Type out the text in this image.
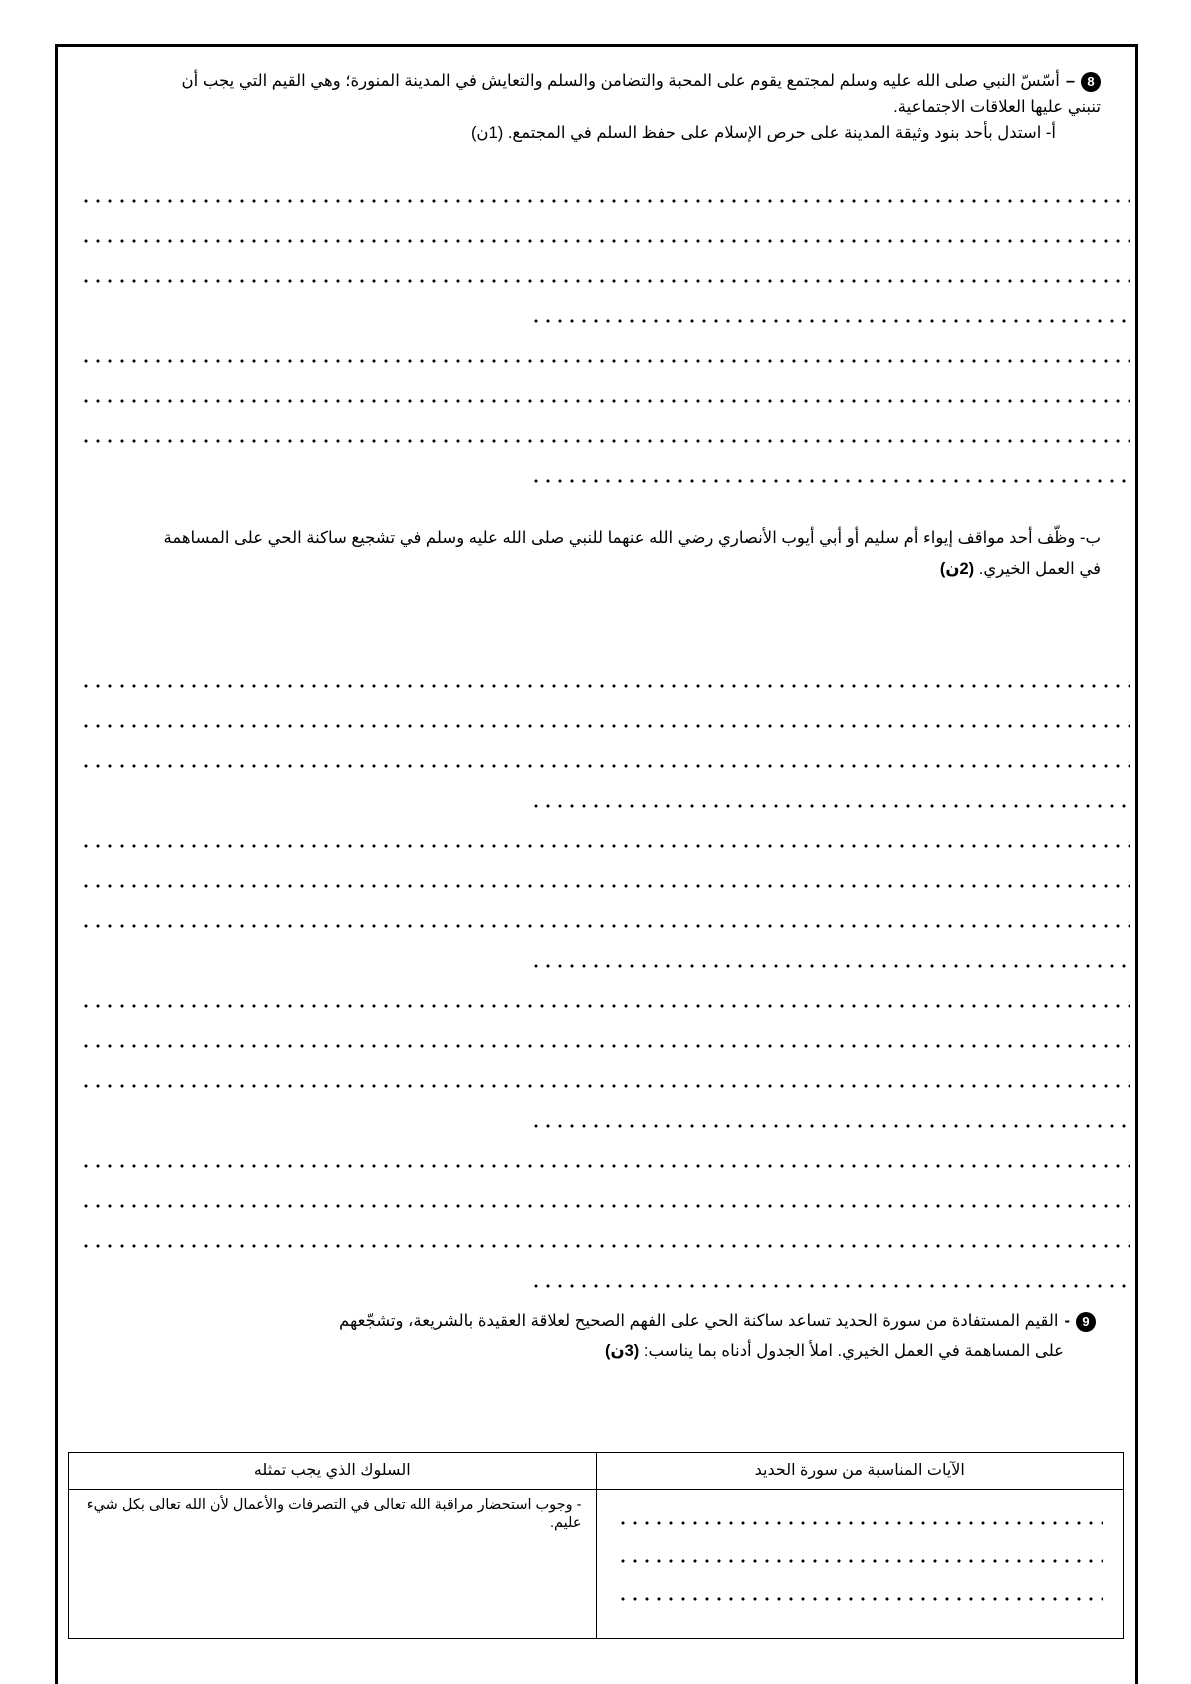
8–أسّسّ النبي صلى الله عليه وسلم لمجتمع يقوم على المحبة والتضامن والسلم والتعايش في المدينة المنورة؛ وهي القيم التي يجب أن
تنبني عليها العلاقات الاجتماعية.
أ- استدل بأحد بنود وثيقة المدينة على حرص الإسلام على حفظ السلم في المجتمع. (1ن)
ب- وظّف أحد مواقف إيواء أم سليم أو أبي أيوب الأنصاري رضي الله عنهما للنبي صلى الله عليه وسلم في تشجيع ساكنة الحي على المساهمة
في العمل الخيري. (2ن)
9-القيم المستفادة من سورة الحديد تساعد ساكنة الحي على الفهم الصحيح لعلاقة العقيدة بالشريعة، وتشجّعهم
على المساهمة في العمل الخيري. املأ الجدول أدناه بما يناسب: (3ن)
الآيات المناسبة من سورة الحديد	السلوك الذي يجب تمثله

	- وجوب استحضار مراقبة الله تعالى في التصرفات والأعمال لأن الله تعالى بكل شيء عليم.
